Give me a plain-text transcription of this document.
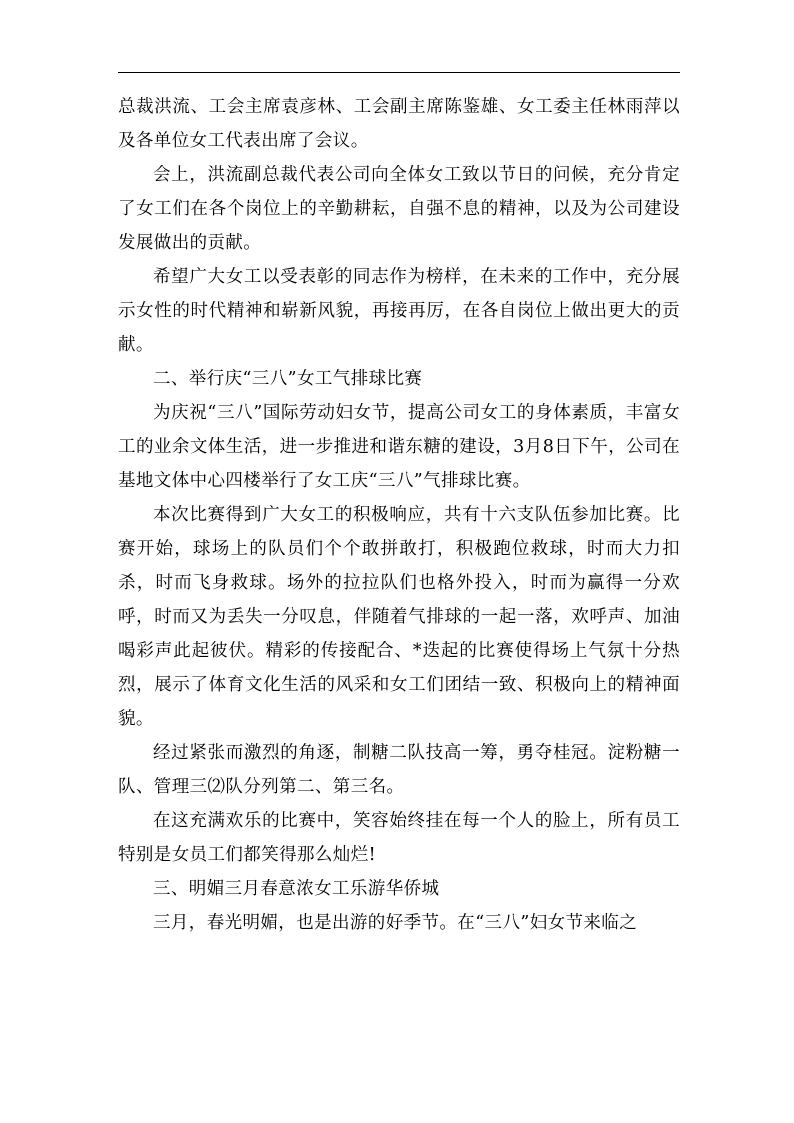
总裁洪流、工会主席袁彦林、工会副主席陈鉴雄、女工委主任林雨萍以及各单位女工代表出席了会议。

会上，洪流副总裁代表公司向全体女工致以节日的问候，充分肯定了女工们在各个岗位上的辛勤耕耘，自强不息的精神，以及为公司建设发展做出的贡献。

希望广大女工以受表彰的同志作为榜样，在未来的工作中，充分展示女性的时代精神和崭新风貌，再接再厉，在各自岗位上做出更大的贡献。

二、举行庆“三八”女工气排球比赛

为庆祝“三八”国际劳动妇女节，提高公司女工的身体素质，丰富女工的业余文体生活，进一步推进和谐东糖的建设，3月8日下午，公司在基地文体中心四楼举行了女工庆“三八”气排球比赛。

本次比赛得到广大女工的积极响应，共有十六支队伍参加比赛。比赛开始，球场上的队员们个个敢拼敢打，积极跑位救球，时而大力扣杀，时而飞身救球。场外的拉拉队们也格外投入，时而为赢得一分欢呼，时而又为丢失一分叹息，伴随着气排球的一起一落，欢呼声、加油喝彩声此起彼伏。精彩的传接配合、*迭起的比赛使得场上气氛十分热烈，展示了体育文化生活的风采和女工们团结一致、积极向上的精神面貌。

经过紧张而激烈的角逐，制糖二队技高一筹，勇夺桂冠。淀粉糖一队、管理三⑵队分列第二、第三名。

在这充满欢乐的比赛中，笑容始终挂在每一个人的脸上，所有员工特别是女员工们都笑得那么灿烂!

三、明媚三月春意浓女工乐游华侨城

三月，春光明媚，也是出游的好季节。在“三八”妇女节来临之
